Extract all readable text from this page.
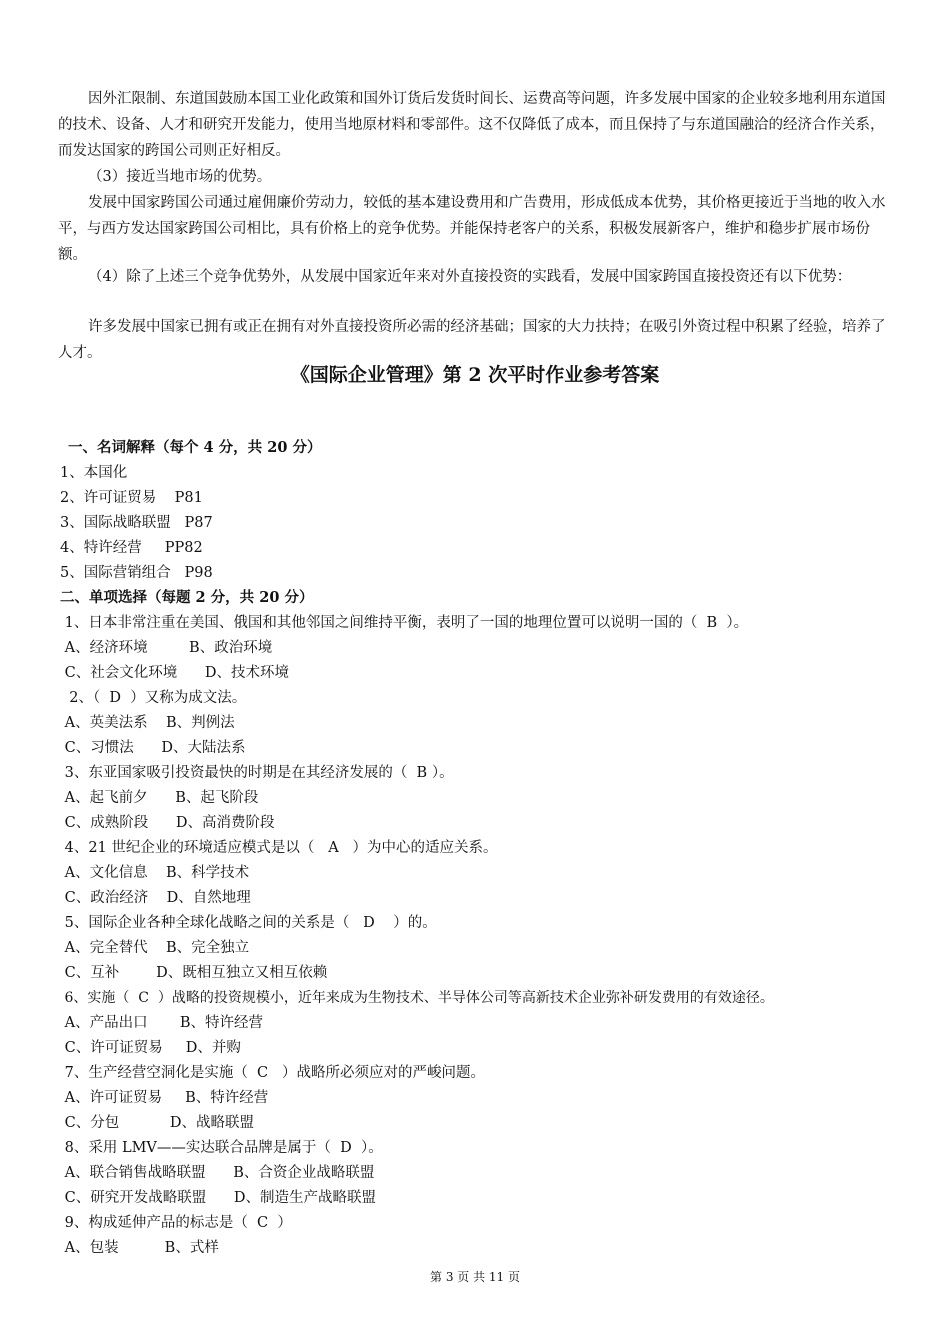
因外汇限制、东道国鼓励本国工业化政策和国外订货后发货时间长、运费高等问题，许多发展中国家的企业较多地利用东道国的技术、设备、人才和研究开发能力，使用当地原材料和零部件。这不仅降低了成本，而且保持了与东道国融洽的经济合作关系，而发达国家的跨国公司则正好相反。

（3）接近当地市场的优势。

发展中国家跨国公司通过雇佣廉价劳动力，较低的基本建设费用和广告费用，形成低成本优势，其价格更接近于当地的收入水平，与西方发达国家跨国公司相比，具有价格上的竞争优势。并能保持老客户的关系，积极发展新客户，维护和稳步扩展市场份额。

（4）除了上述三个竞争优势外，从发展中国家近年来对外直接投资的实践看，发展中国家跨国直接投资还有以下优势：

许多发展中国家已拥有或正在拥有对外直接投资所必需的经济基础；国家的大力扶持；在吸引外资过程中积累了经验，培养了人才。

《国际企业管理》第 2 次平时作业参考答案

一、名词解释（每个 4 分，共 20 分）

1、本国化

2、许可证贸易    P81

3、国际战略联盟   P87

4、特许经营     PP82

5、国际营销组合   P98

二、单项选择（每题 2 分，共 20 分）

1、日本非常注重在美国、俄国和其他邻国之间维持平衡，表明了一国的地理位置可以说明一国的（  B  ）。

A、经济环境         B、政治环境

C、社会文化环境      D、技术环境

2、（  D  ）又称为成文法。

A、英美法系    B、判例法

C、习惯法      D、大陆法系

3、东亚国家吸引投资最快的时期是在其经济发展的（  B ）。

A、起飞前夕      B、起飞阶段

C、成熟阶段      D、高消费阶段

4、21 世纪企业的环境适应模式是以（   A   ）为中心的适应关系。

A、文化信息    B、科学技术

C、政治经济    D、自然地理

5、国际企业各种全球化战略之间的关系是（   D    ）的。

A、完全替代    B、完全独立

C、互补        D、既相互独立又相互依赖

6、实施（  C  ）战略的投资规模小，近年来成为生物技术、半导体公司等高新技术企业弥补研发费用的有效途径。

A、产品出口       B、特许经营

C、许可证贸易     D、并购

7、生产经营空洞化是实施（  C   ）战略所必须应对的严峻问题。

A、许可证贸易     B、特许经营

C、分包           D、战略联盟

8、采用 LMV——实达联合品牌是属于（  D  ）。

A、联合销售战略联盟      B、合资企业战略联盟

C、研究开发战略联盟      D、制造生产战略联盟

9、构成延伸产品的标志是（  C  ）

A、包装          B、式样

第 3 页 共 11 页
